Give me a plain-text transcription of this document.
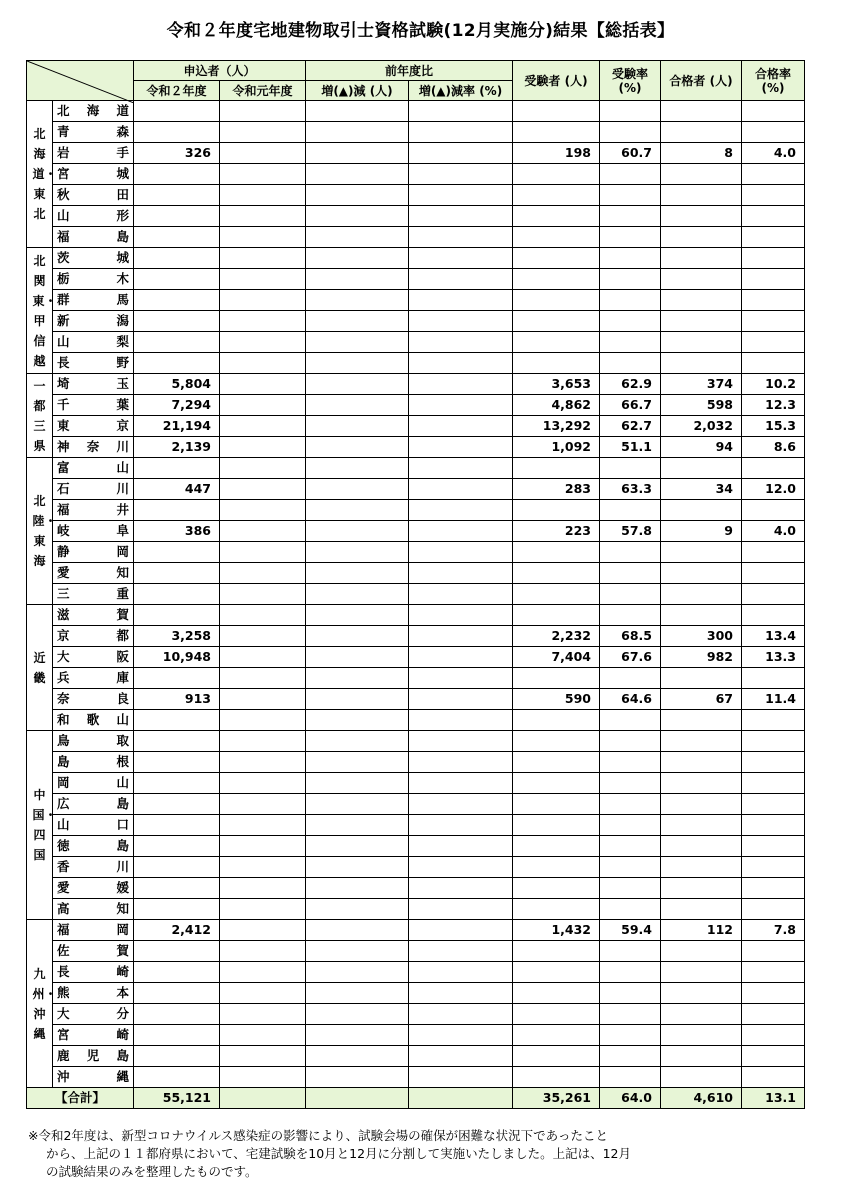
令和２年度宅地建物取引士資格試験(12月実施分)結果【総括表】
	申込者（人）		前年度比		受験者 (人)	受験率 (%)	合格者 (人)	合格率 (%)
		令和２年度	令和元年度	増(▲)減 (人)	増(▲)減率 (%)				

北海道・東北	北 海 道								

	青 森								

	岩 手	326				198	60.7	8	4.0

	宮 城								

	秋 田								

	山 形								

	福 島								

北関東・甲信越	茨 城								

	栃 木								

	群 馬								

	新 潟								

	山 梨								

	長 野								

一都三県	埼 玉	5,804				3,653	62.9	374	10.2

	千 葉	7,294				4,862	66.7	598	12.3

	東 京	21,194				13,292	62.7	2,032	15.3

	神 奈 川	2,139				1,092	51.1	94	8.6

北陸・東海	富 山								

	石 川	447				283	63.3	34	12.0

	福 井								

	岐 阜	386				223	57.8	9	4.0

	静 岡								

	愛 知								

	三 重								

近畿	滋 賀								

	京 都	3,258				2,232	68.5	300	13.4

	大 阪	10,948				7,404	67.6	982	13.3

	兵 庫								

	奈 良	913				590	64.6	67	11.4

	和 歌 山								

中国・四国	鳥 取								

	島 根								

	岡 山								

	広 島								

	山 口								

	徳 島								

	香 川								

	愛 媛								

	高 知								

九州・沖縄	福 岡	2,412				1,432	59.4	112	7.8

	佐 賀								

	長 崎								

	熊 本								

	大 分								

	宮 崎								

	鹿 児 島								

	沖 縄								

【合計】		55,121				35,261	64.0	4,610	13.1
※令和2年度は、新型コロナウイルス感染症の影響により、試験会場の確保が困難な状況下であったこと
から、上記の１１都府県において、宅建試験を10月と12月に分割して実施いたしました。上記は、12月
の試験結果のみを整理したものです。
